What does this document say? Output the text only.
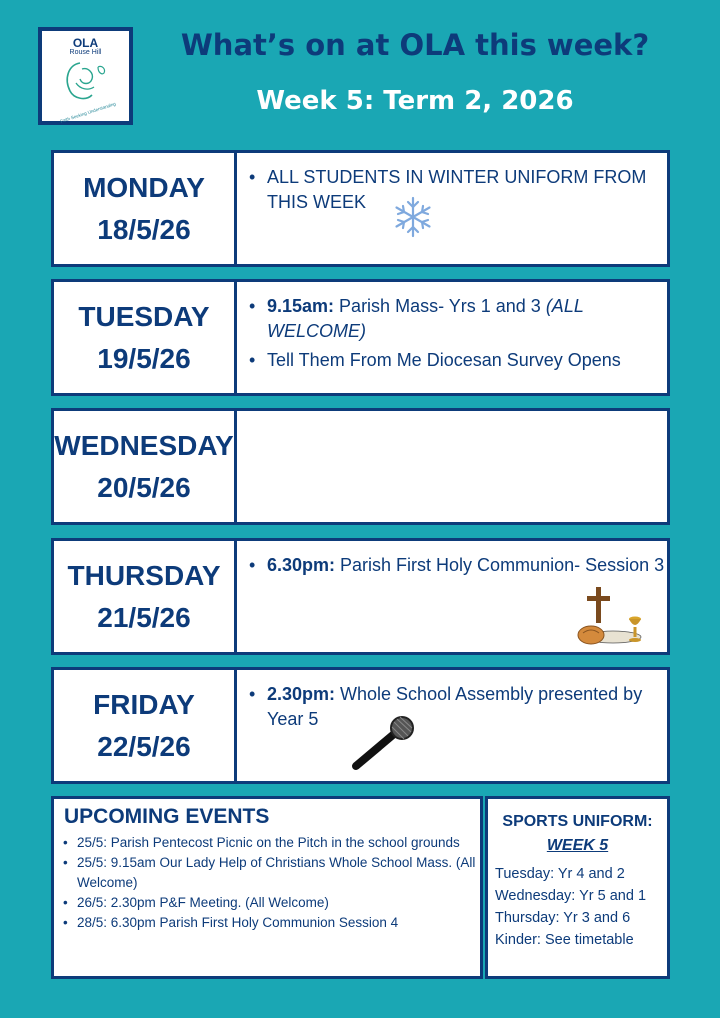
OLA
Rouse Hill
Faith Seeking Understanding
What’s on at OLA this week?
Week 5: Term 2, 2026
MONDAY
18/5/26
• ALL STUDENTS IN WINTER UNIFORM FROM THIS WEEK
TUESDAY
19/5/26
• 9.15am: Parish Mass- Yrs 1 and 3 (ALL WELCOME)
• Tell Them From Me Diocesan Survey Opens
WEDNESDAY
20/5/26
THURSDAY
21/5/26
• 6.30pm: Parish First Holy Communion- Session 3
FRIDAY
22/5/26
• 2.30pm: Whole School Assembly presented by Year 5
UPCOMING EVENTS
• 25/5: Parish Pentecost Picnic on the Pitch in the school grounds
• 25/5: 9.15am Our Lady Help of Christians Whole School Mass. (All Welcome)
• 26/5: 2.30pm P&F Meeting. (All Welcome)
• 28/5: 6.30pm Parish First Holy Communion Session 4
SPORTS UNIFORM:
WEEK 5
Tuesday: Yr 4 and 2
Wednesday: Yr 5 and 1
Thursday: Yr 3 and 6
Kinder: See timetable
